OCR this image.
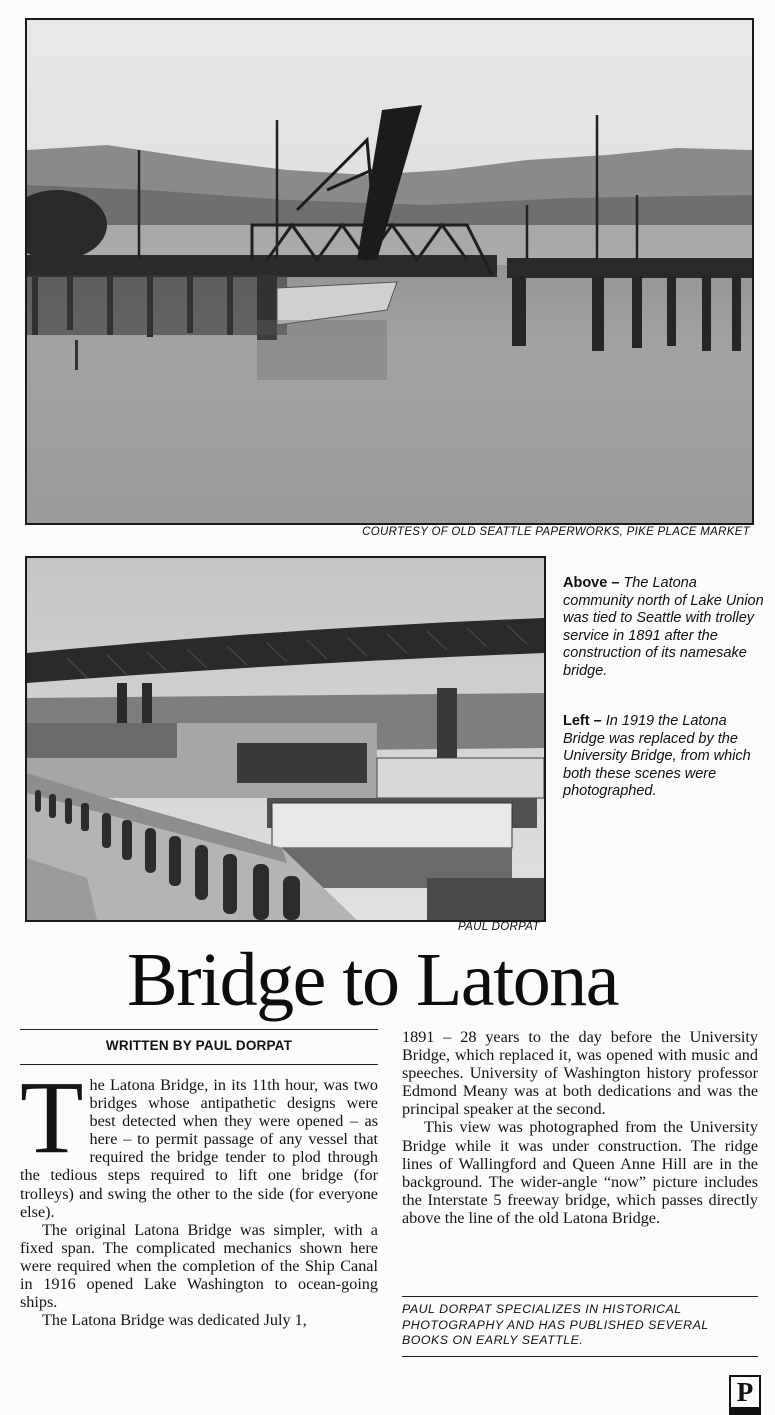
COURTESY OF OLD SEATTLE PAPERWORKS, PIKE PLACE MARKET
PAUL DORPAT
Above – The Latona community north of Lake Union was tied to Seattle with trolley service in 1891 after the construction of its namesake bridge.
Left – In 1919 the Latona Bridge was replaced by the University Bridge, from which both these scenes were photographed.
Bridge to Latona
WRITTEN BY PAUL DORPAT

The Latona Bridge, in its 11th hour, was two bridges whose antipathetic designs were best detected when they were opened – as here – to permit passage of any vessel that required the bridge tender to plod through the tedious steps required to lift one bridge (for trolleys) and swing the other to the side (for everyone else).

The original Latona Bridge was simpler, with a fixed span. The complicated mechanics shown here were required when the completion of the Ship Canal in 1916 opened Lake Washington to ocean-going ships.

The Latona Bridge was dedicated July 1,

1891 – 28 years to the day before the University Bridge, which replaced it, was opened with music and speeches. University of Washington history professor Edmond Meany was at both dedications and was the principal speaker at the second.

This view was photographed from the University Bridge while it was under construction. The ridge lines of Wallingford and Queen Anne Hill are in the background. The wider-angle “now” picture includes the Interstate 5 freeway bridge, which passes directly above the line of the old Latona Bridge.

PAUL DORPAT SPECIALIZES IN HISTORICAL PHOTOGRAPHY AND HAS PUBLISHED SEVERAL BOOKS ON EARLY SEATTLE.
P
